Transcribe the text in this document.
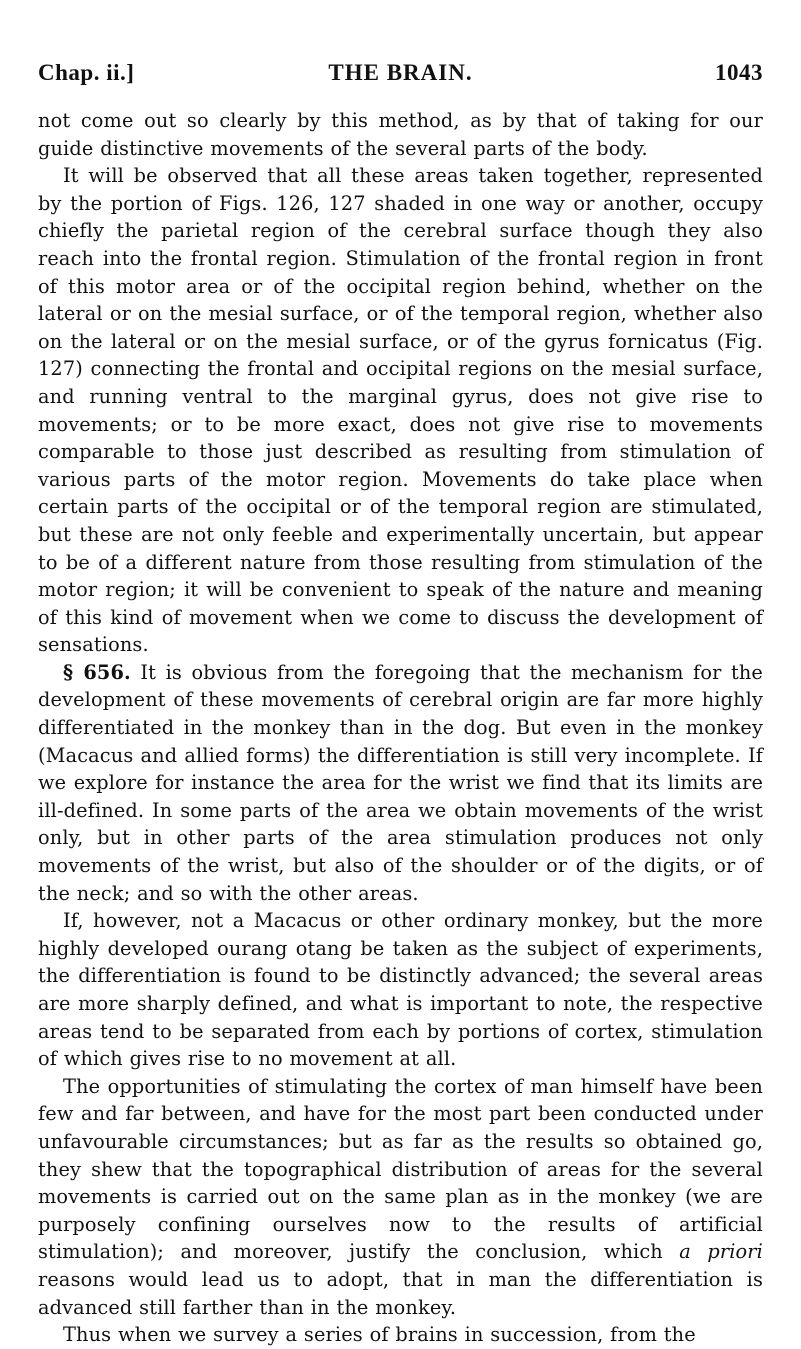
Chap. ii.]	THE BRAIN.	1043

not come out so clearly by this method, as by that of taking for our guide distinctive movements of the several parts of the body.

It will be observed that all these areas taken together, represented by the portion of Figs. 126, 127 shaded in one way or another, occupy chiefly the parietal region of the cerebral surface though they also reach into the frontal region. Stimulation of the frontal region in front of this motor area or of the occipital region behind, whether on the lateral or on the mesial surface, or of the temporal region, whether also on the lateral or on the mesial surface, or of the gyrus fornicatus (Fig. 127) connecting the frontal and occipital regions on the mesial surface, and running ventral to the marginal gyrus, does not give rise to movements; or to be more exact, does not give rise to movements comparable to those just described as resulting from stimulation of various parts of the motor region. Movements do take place when certain parts of the occipital or of the temporal region are stimulated, but these are not only feeble and experimentally uncertain, but appear to be of a different nature from those resulting from stimulation of the motor region; it will be convenient to speak of the nature and meaning of this kind of movement when we come to discuss the development of sensations.

§ 656. It is obvious from the foregoing that the mechanism for the development of these movements of cerebral origin are far more highly differentiated in the monkey than in the dog. But even in the monkey (Macacus and allied forms) the differentiation is still very incomplete. If we explore for instance the area for the wrist we find that its limits are ill-defined. In some parts of the area we obtain movements of the wrist only, but in other parts of the area stimulation produces not only movements of the wrist, but also of the shoulder or of the digits, or of the neck; and so with the other areas.

If, however, not a Macacus or other ordinary monkey, but the more highly developed ourang otang be taken as the subject of experiments, the differentiation is found to be distinctly advanced; the several areas are more sharply defined, and what is important to note, the respective areas tend to be separated from each by portions of cortex, stimulation of which gives rise to no movement at all.

The opportunities of stimulating the cortex of man himself have been few and far between, and have for the most part been conducted under unfavourable circumstances; but as far as the results so obtained go, they shew that the topographical distribution of areas for the several movements is carried out on the same plan as in the monkey (we are purposely confining ourselves now to the results of artificial stimulation); and moreover, justify the conclusion, which a priori reasons would lead us to adopt, that in man the differentiation is advanced still farther than in the monkey.

Thus when we survey a series of brains in succession, from the
